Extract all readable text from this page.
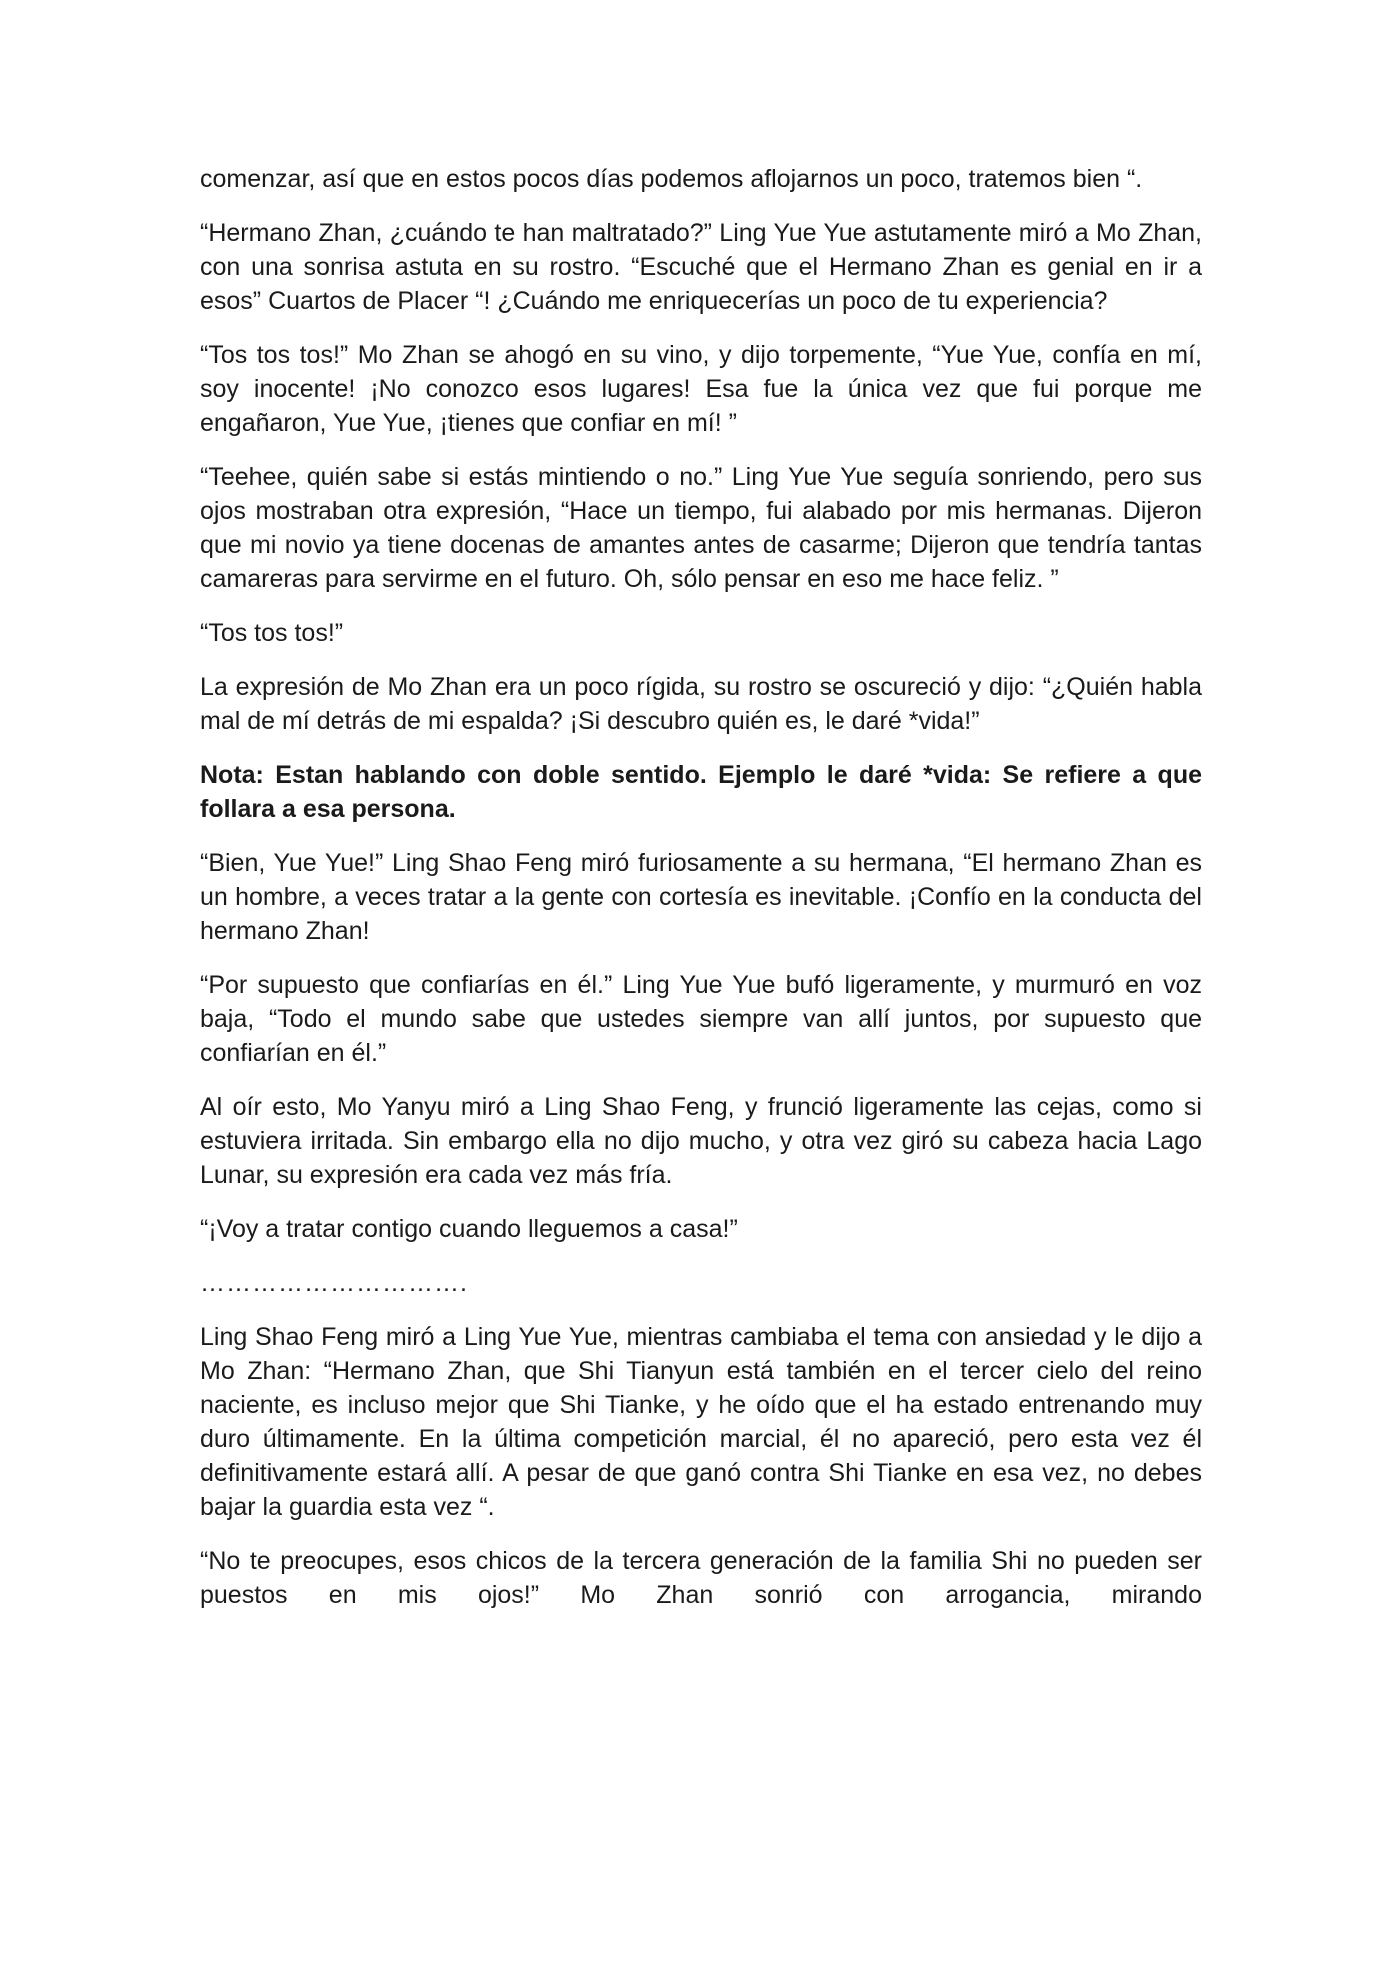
comenzar, así que en estos pocos días podemos aflojarnos un poco, tratemos bien “.

“Hermano Zhan, ¿cuándo te han maltratado?” Ling Yue Yue astutamente miró a Mo Zhan, con una sonrisa astuta en su rostro. “Escuché que el Hermano Zhan es genial en ir a esos” Cuartos de Placer “! ¿Cuándo me enriquecerías un poco de tu experiencia?

“Tos tos tos!” Mo Zhan se ahogó en su vino, y dijo torpemente, “Yue Yue, confía en mí, soy inocente! ¡No conozco esos lugares! Esa fue la única vez que fui porque me engañaron, Yue Yue, ¡tienes que confiar en mí! ”

“Teehee, quién sabe si estás mintiendo o no.” Ling Yue Yue seguía sonriendo, pero sus ojos mostraban otra expresión, “Hace un tiempo, fui alabado por mis hermanas. Dijeron que mi novio ya tiene docenas de amantes antes de casarme; Dijeron que tendría tantas camareras para servirme en el futuro. Oh, sólo pensar en eso me hace feliz. ”

“Tos tos tos!”

La expresión de Mo Zhan era un poco rígida, su rostro se oscureció y dijo: “¿Quién habla mal de mí detrás de mi espalda? ¡Si descubro quién es, le daré *vida!”

Nota: Estan hablando con doble sentido. Ejemplo le daré *vida: Se refiere a que follara a esa persona.

“Bien, Yue Yue!” Ling Shao Feng miró furiosamente a su hermana, “El hermano Zhan es un hombre, a veces tratar a la gente con cortesía es inevitable. ¡Confío en la conducta del hermano Zhan!

“Por supuesto que confiarías en él.” Ling Yue Yue bufó ligeramente, y murmuró en voz baja, “Todo el mundo sabe que ustedes siempre van allí juntos, por supuesto que confiarían en él.”

Al oír esto, Mo Yanyu miró a Ling Shao Feng, y frunció ligeramente las cejas, como si estuviera irritada. Sin embargo ella no dijo mucho, y otra vez giró su cabeza hacia Lago Lunar, su expresión era cada vez más fría.

“¡Voy a tratar contigo cuando lleguemos a casa!”

………………………….

Ling Shao Feng miró a Ling Yue Yue, mientras cambiaba el tema con ansiedad y le dijo a Mo Zhan: “Hermano Zhan, que Shi Tianyun está también en el tercer cielo del reino naciente, es incluso mejor que Shi Tianke, y he oído que el ha estado entrenando muy duro últimamente. En la última competición marcial, él no apareció, pero esta vez él definitivamente estará allí. A pesar de que ganó contra Shi Tianke en esa vez, no debes bajar la guardia esta vez “.

“No te preocupes, esos chicos de la tercera generación de la familia Shi no pueden ser puestos en mis ojos!” Mo Zhan sonrió con arrogancia, mirando
